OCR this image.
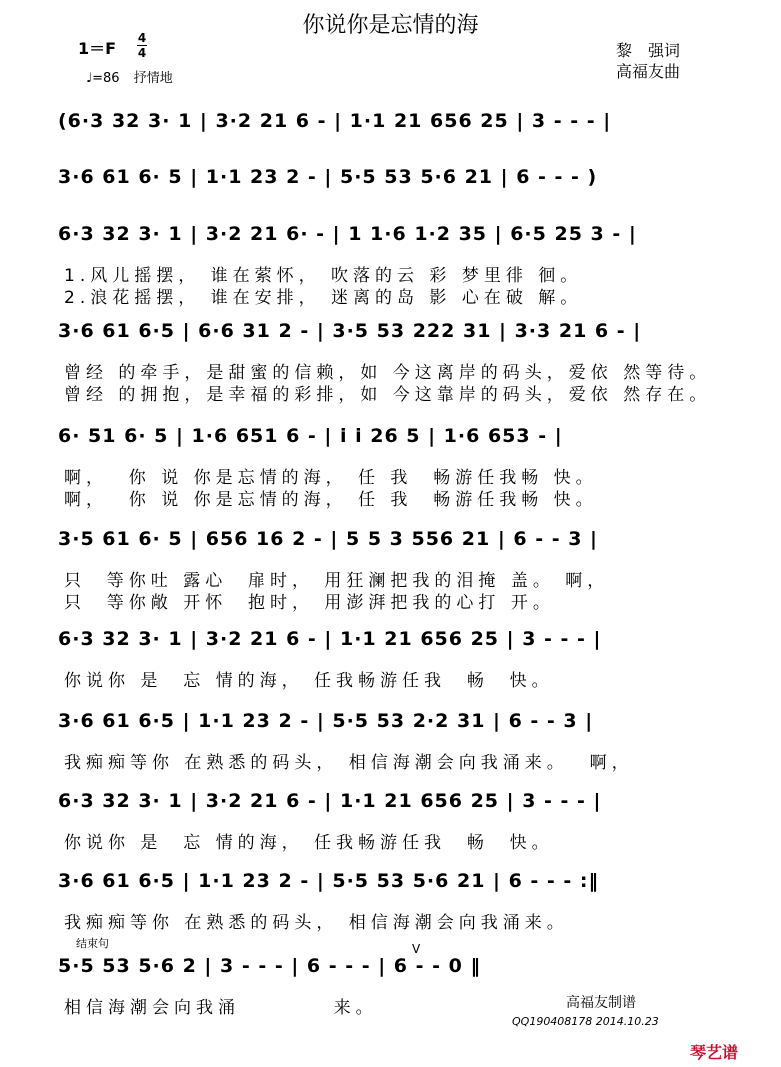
你说你是忘情的海
1＝F
4
4
♩=86 抒情地
黎　强词
高福友曲
(6·3 32 3· 1 | 3·2 21 6 - | 1·1 21 656 25 | 3 - - - |
3·6 61 6· 5 | 1·1 23 2 - | 5·5 53 5·6 21 | 6 - - - )
6·3 32 3· 1 | 3·2 21 6· - | 1 1·6 1·2 35 | 6·5 25 3 - |
1.风儿摇摆， 谁在萦怀， 吹落的云 彩 梦里徘 徊。
2.浪花摇摆， 谁在安排， 迷离的岛 影 心在破 解。
3·6 61 6·5 | 6·6 31 2 - | 3·5 53 222 31 | 3·3 21 6 - |
曾经 的牵手，是甜蜜的信赖，如 今这离岸的码头，爱依 然等待。
曾经 的拥抱，是幸福的彩排，如 今这靠岸的码头，爱依 然存在。
6· 51 6· 5 | 1·6 651 6 - | i i 26 5 | 1·6 653 - |
啊，  你 说 你是忘情的海， 任 我  畅游任我畅 快。
啊，  你 说 你是忘情的海， 任 我  畅游任我畅 快。
3·5 61 6· 5 | 656 16 2 - | 5 5 3 556 21 | 6 - - 3 |
只  等你吐 露心  扉时， 用狂澜把我的泪掩 盖。 啊，
只  等你敞 开怀  抱时， 用澎湃把我的心打 开。
6·3 32 3· 1 | 3·2 21 6 - | 1·1 21 656 25 | 3 - - - |
你说你 是  忘 情的海， 任我畅游任我  畅  快。
3·6 61 6·5 | 1·1 23 2 - | 5·5 53 2·2 31 | 6 - - 3 |
我痴痴等你 在熟悉的码头， 相信海潮会向我涌来。  啊，
6·3 32 3· 1 | 3·2 21 6 - | 1·1 21 656 25 | 3 - - - |
你说你 是  忘 情的海， 任我畅游任我  畅  快。
3·6 61 6·5 | 1·1 23 2 - | 5·5 53 5·6 21 | 6 - - - :‖
我痴痴等你 在熟悉的码头， 相信海潮会向我涌来。
5·5 53 5·6 2 | 3 - - - | 6 - - - | 6 - - 0 ‖
相信海潮会向我涌         来。
结束句	V
高福友制谱
QQ190408178 2014.10.23
琴艺谱
